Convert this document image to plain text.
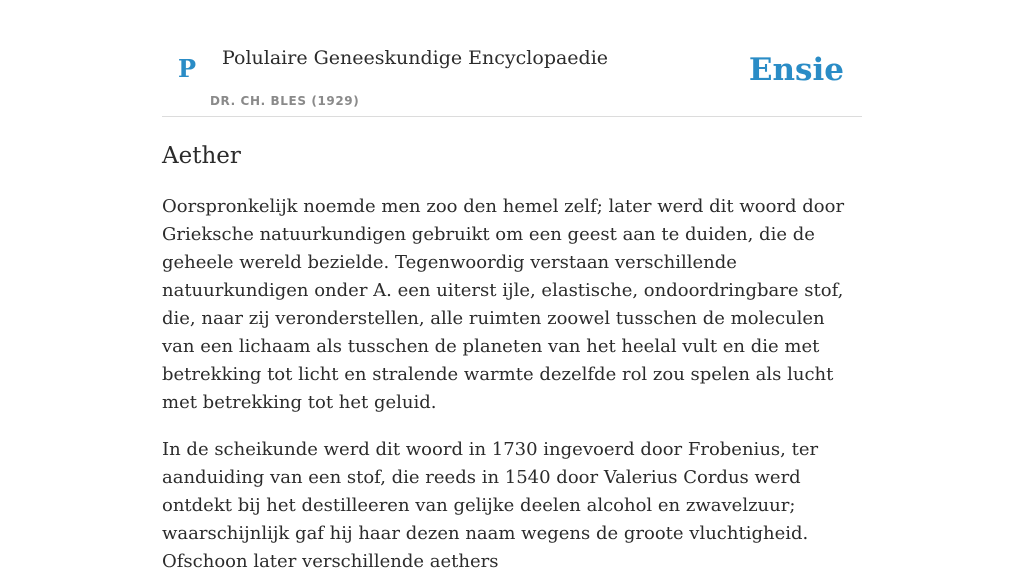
P Polulaire Geneeskundige Encyclopaedie
DR. CH. BLES (1929)
Ensie
Aether

Oorspronkelijk noemde men zoo den hemel zelf; later werd dit woord door Grieksche natuurkundigen gebruikt om een geest aan te duiden, die de geheele wereld bezielde. Tegenwoordig verstaan verschillende natuurkundigen onder A. een uiterst ijle, elastische, ondoordringbare stof, die, naar zij veronderstellen, alle ruimten zoowel tusschen de moleculen van een lichaam als tusschen de planeten van het heelal vult en die met betrekking tot licht en stralende warmte dezelfde rol zou spelen als lucht met betrekking tot het geluid.

In de scheikunde werd dit woord in 1730 ingevoerd door Frobenius, ter aanduiding van een stof, die reeds in 1540 door Valerius Cordus werd ontdekt bij het destilleeren van gelijke deelen alcohol en zwavelzuur; waarschijnlijk gaf hij haar dezen naam wegens de groote vluchtigheid. Ofschoon later verschillende aethers
